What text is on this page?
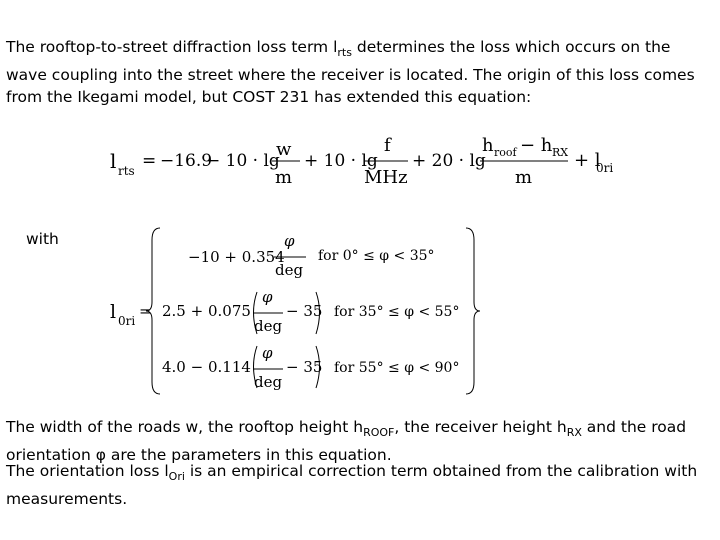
The rooftop-to-street diffraction loss term $l_{rts}$ determines the loss which occurs on the wave coupling into the street where the receiver is located. The origin of this loss comes from the Ikegami model, but COST 231 has extended this equation:
l rts = −16.9
− 10 · lg
w
m
+ 10 · lg
f
MHz
+ 20 · lg
h roof − h RX
m
+ l
0ri
with
l 0ri
=
−10 + 0.354
φ
deg
for 0° ≤ φ < 35°
2.5 + 0.075
φ
deg
− 35 for 35° ≤ φ < 55°
4.0 − 0.114
φ
deg
− 35 for 55° ≤ φ < 90°
The width of the roads w, the rooftop height $h_{ROOF}$, the receiver height $h_{RX}$ and the road orientation φ are the parameters in this equation.
The orientation loss $l_{Ori}$ is an empirical correction term obtained from the calibration with measurements.
